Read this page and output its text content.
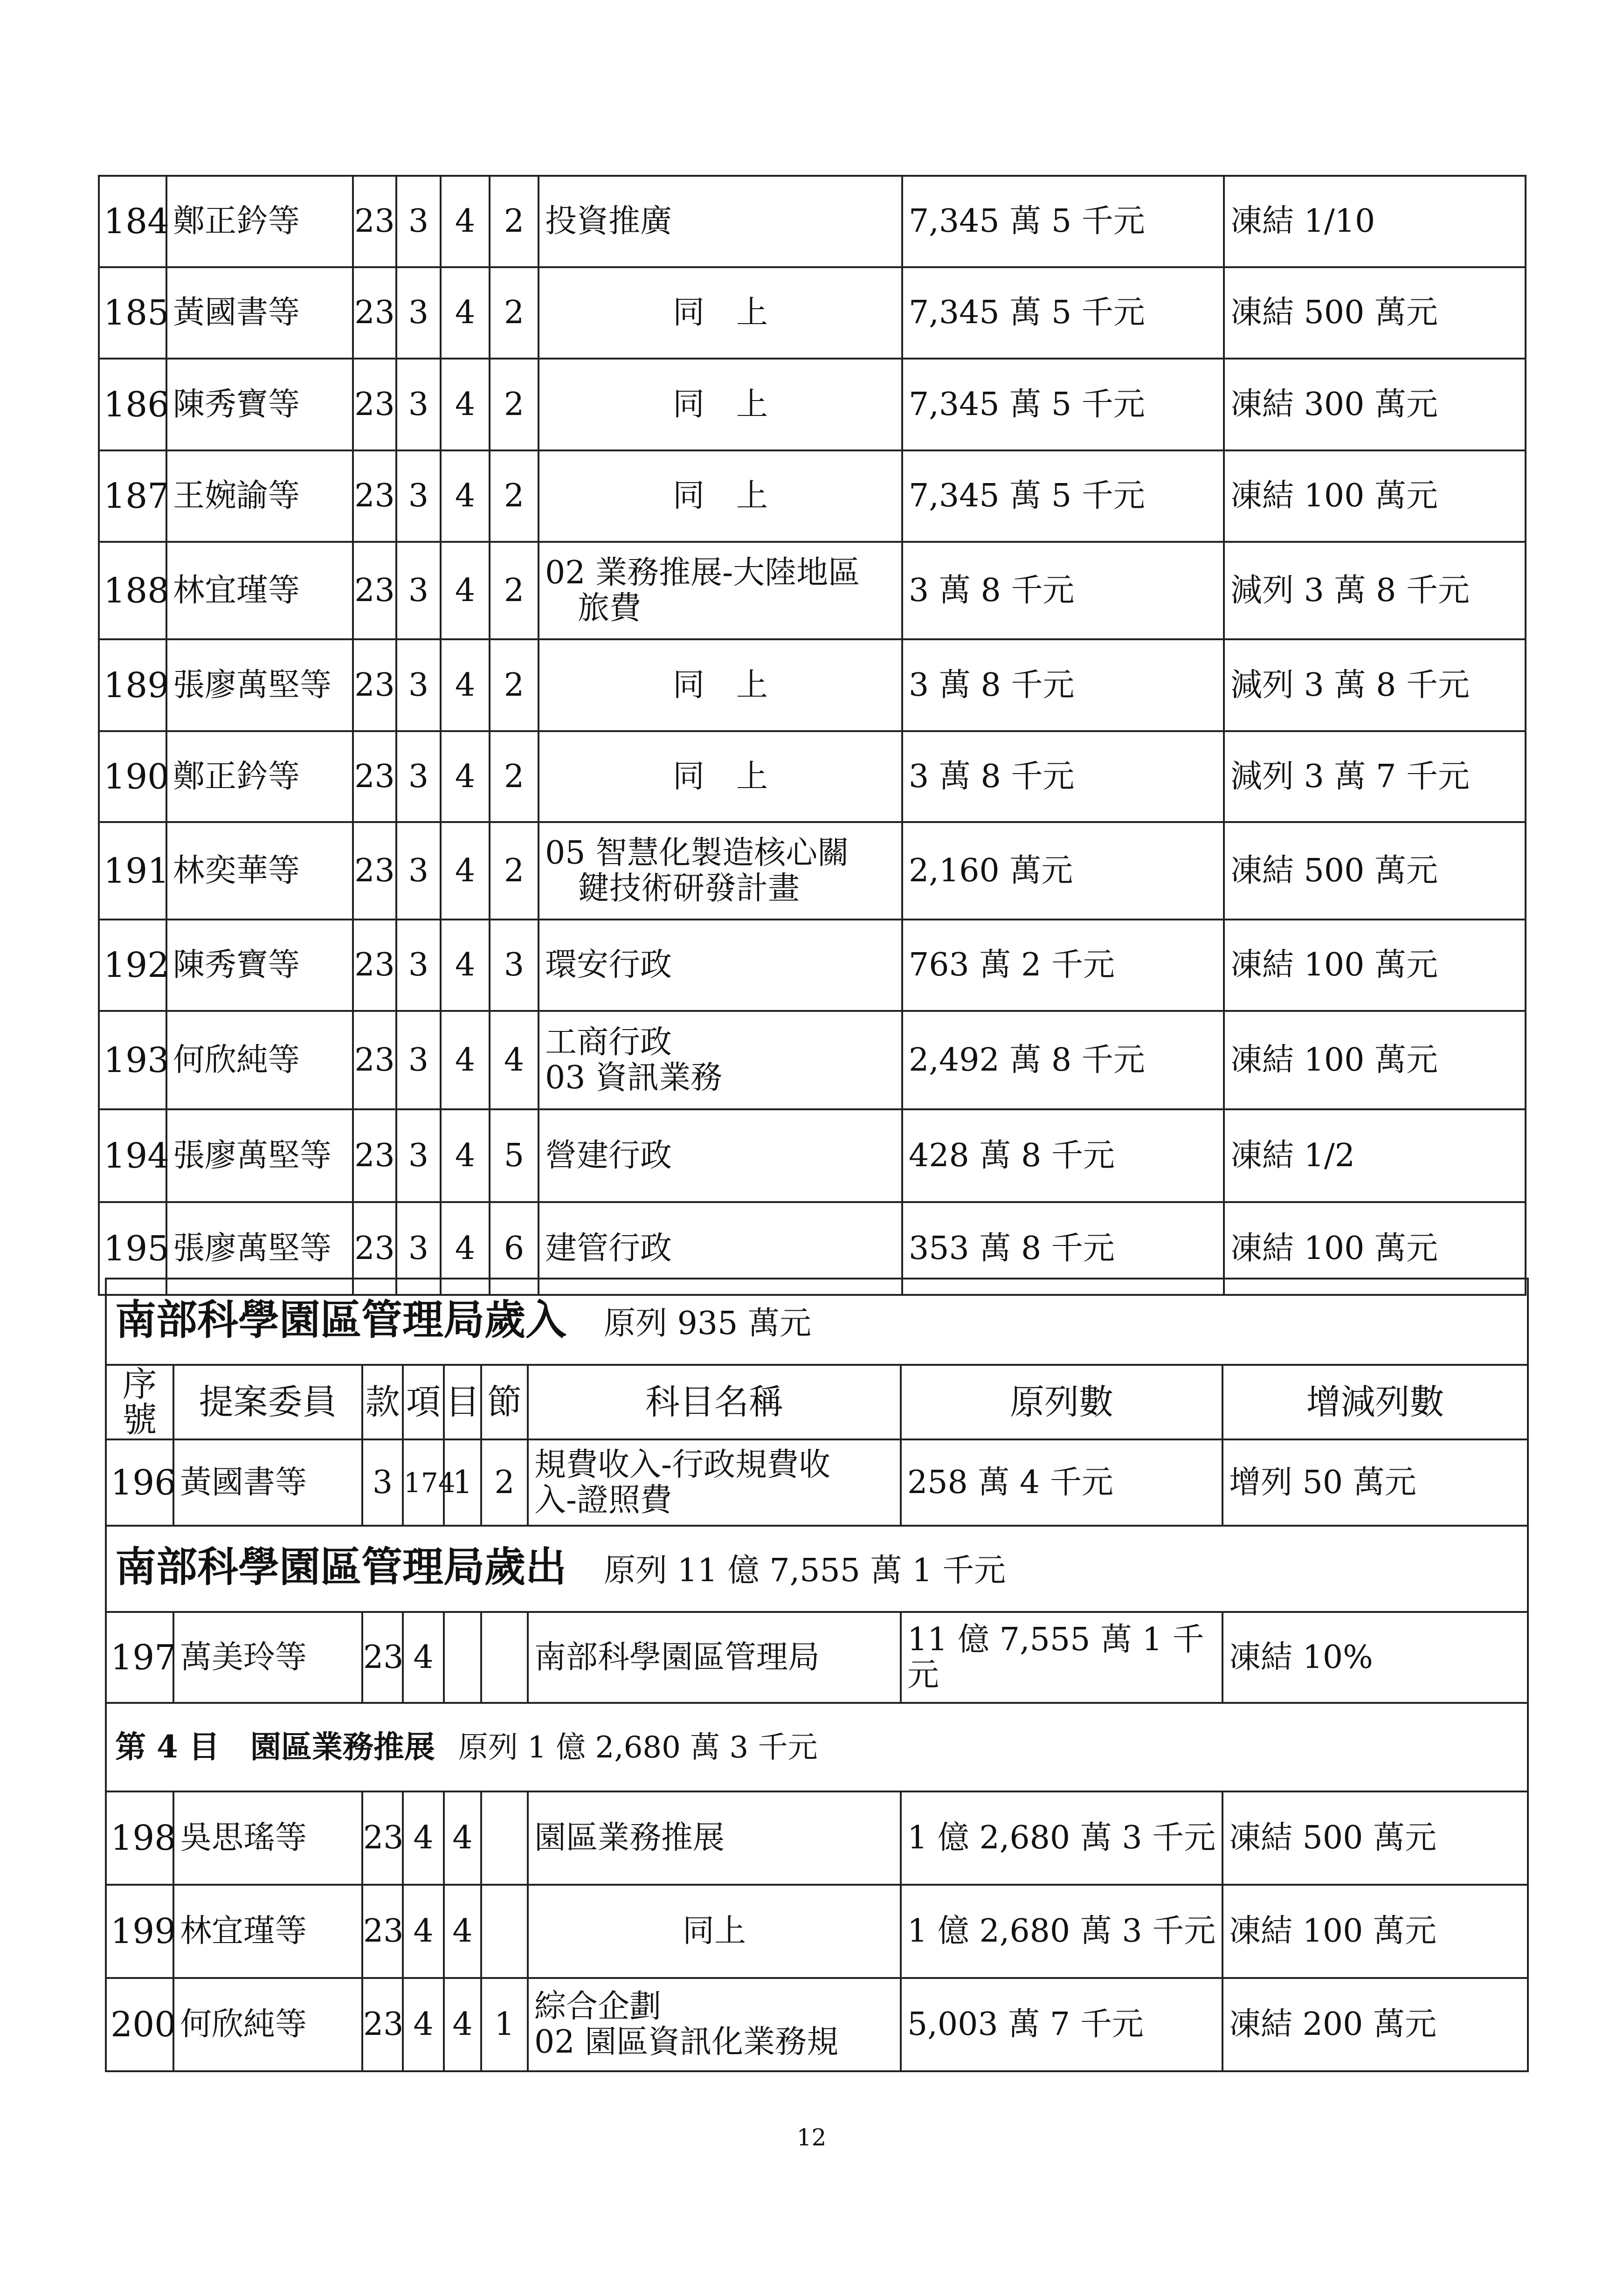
184	鄭正鈐等	23	3	4	2	投資推廣	7,345 萬 5 千元	凍結 1/10
185	黃國書等	23	3	4	2	同　上	7,345 萬 5 千元	凍結 500 萬元
186	陳秀寶等	23	3	4	2	同　上	7,345 萬 5 千元	凍結 300 萬元
187	王婉諭等	23	3	4	2	同　上	7,345 萬 5 千元	凍結 100 萬元
188	林宜瑾等	23	3	4	2	02 業務推展-大陸地區
旅費	3 萬 8 千元	減列 3 萬 8 千元
189	張廖萬堅等	23	3	4	2	同　上	3 萬 8 千元	減列 3 萬 8 千元
190	鄭正鈐等	23	3	4	2	同　上	3 萬 8 千元	減列 3 萬 7 千元
191	林奕華等	23	3	4	2	05 智慧化製造核心關
鍵技術研發計畫	2,160 萬元	凍結 500 萬元
192	陳秀寶等	23	3	4	3	環安行政	763 萬 2 千元	凍結 100 萬元
193	何欣純等	23	3	4	4	工商行政
03 資訊業務	2,492 萬 8 千元	凍結 100 萬元
194	張廖萬堅等	23	3	4	5	營建行政	428 萬 8 千元	凍結 1/2
195	張廖萬堅等	23	3	4	6	建管行政	353 萬 8 千元	凍結 100 萬元
南部科學園區管理局歲入 原列 935 萬元								

序
號	提案委員	款	項	目	節	科目名稱	原列數	增減列數
196	黃國書等	3	174	1	2	規費收入-行政規費收
入-證照費	258 萬 4 千元	增列 50 萬元
南部科學園區管理局歲出 原列 11 億 7,555 萬 1 千元								
197	萬美玲等	23	4			南部科學園區管理局	11 億 7,555 萬 1 千
元	凍結 10%
第 4 目　園區業務推展 原列 1 億 2,680 萬 3 千元								
198	吳思瑤等	23	4	4		園區業務推展	1 億 2,680 萬 3 千元	凍結 500 萬元
199	林宜瑾等	23	4	4		同上	1 億 2,680 萬 3 千元	凍結 100 萬元
200	何欣純等	23	4	4	1	綜合企劃
02 園區資訊化業務規	5,003 萬 7 千元	凍結 200 萬元
12
